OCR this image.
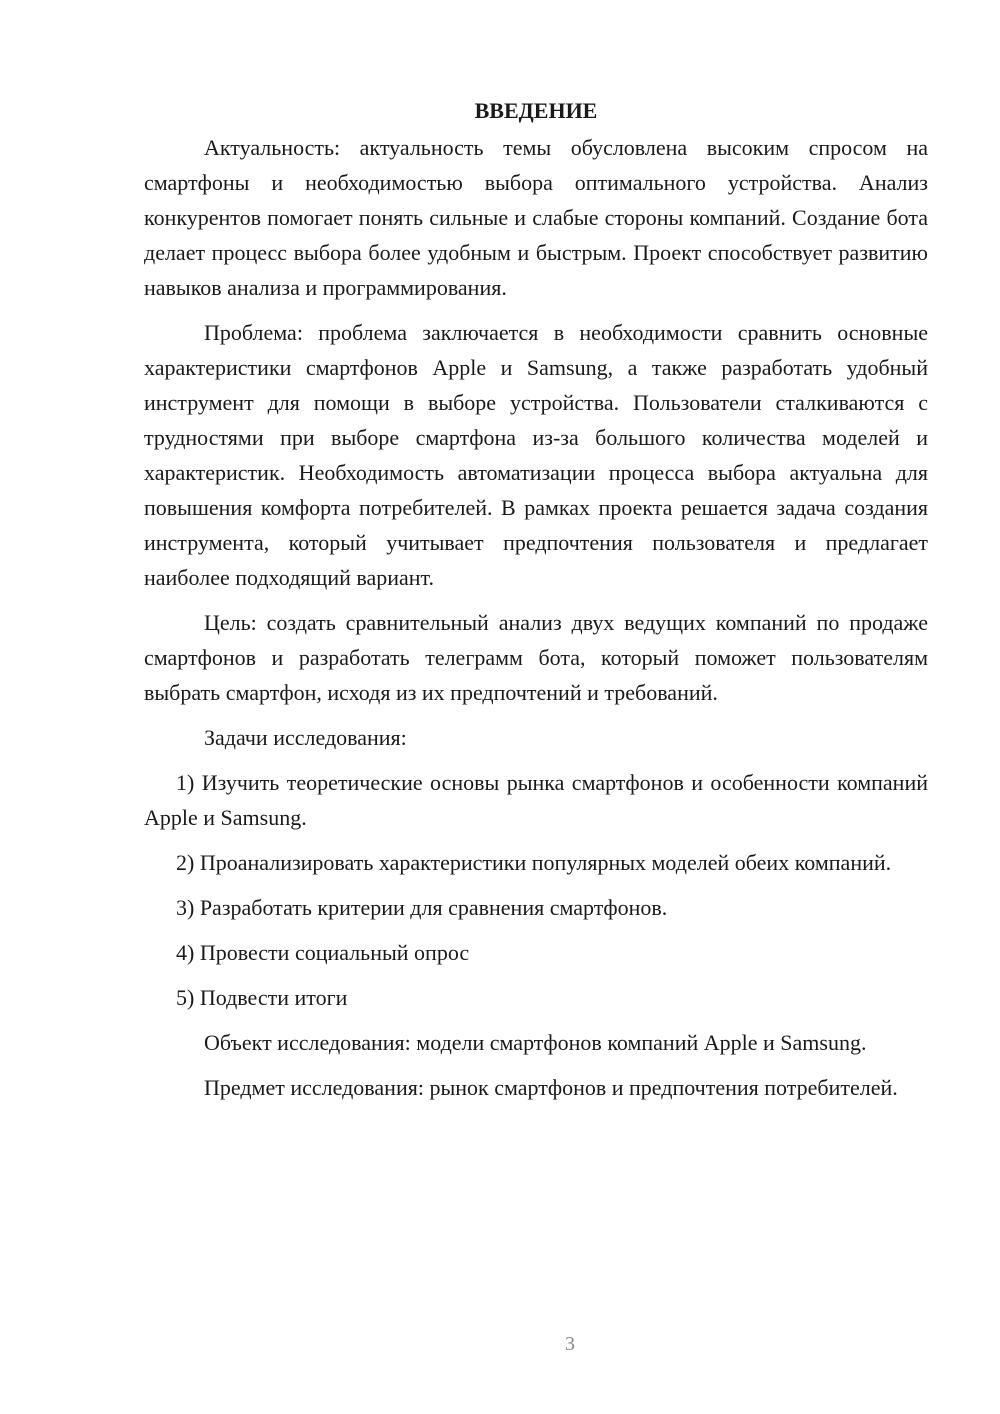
ВВЕДЕНИЕ

Актуальность: актуальность темы обусловлена высоким спросом на смартфоны и необходимостью выбора оптимального устройства. Анализ конкурентов помогает понять сильные и слабые стороны компаний. Создание бота делает процесс выбора более удобным и быстрым. Проект способствует развитию навыков анализа и программирования.

Проблема: проблема заключается в необходимости сравнить основные характеристики смартфонов Apple и Samsung, а также разработать удобный инструмент для помощи в выборе устройства. Пользователи сталкиваются с трудностями при выборе смартфона из-за большого количества моделей и характеристик. Необходимость автоматизации процесса выбора актуальна для повышения комфорта потребителей. В рамках проекта решается задача создания инструмента, который учитывает предпочтения пользователя и предлагает наиболее подходящий вариант.

Цель: создать сравнительный анализ двух ведущих компаний по продаже смартфонов и разработать телеграмм бота, который поможет пользователям выбрать смартфон, исходя из их предпочтений и требований.

Задачи исследования:

1) Изучить теоретические основы рынка смартфонов и особенности компаний Apple и Samsung.

2) Проанализировать характеристики популярных моделей обеих компаний.

3) Разработать критерии для сравнения смартфонов.

4) Провести социальный опрос

5) Подвести итоги

Объект исследования: модели смартфонов компаний Apple и Samsung.

Предмет исследования: рынок смартфонов и предпочтения потребителей.

3
